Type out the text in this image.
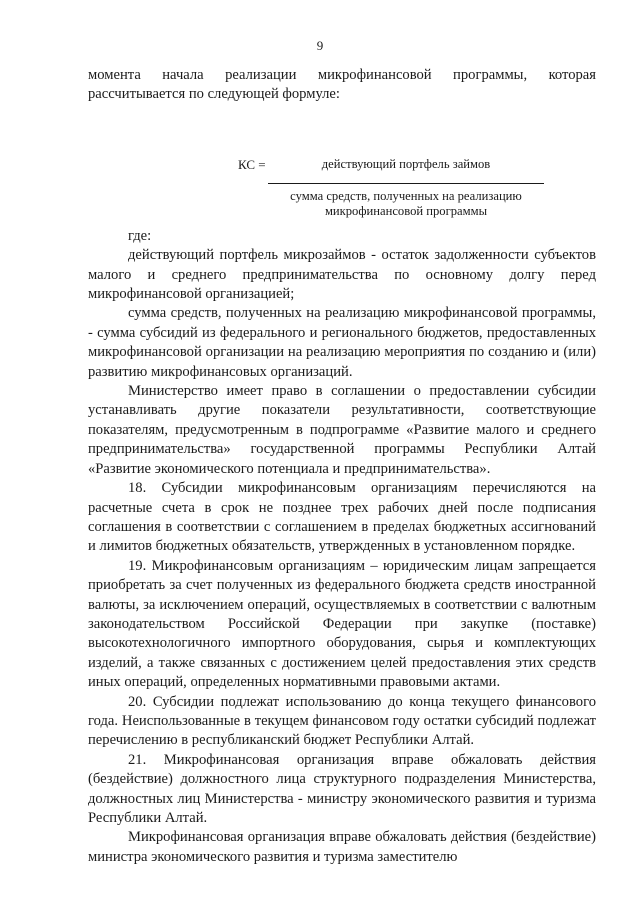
9

момента начала реализации микрофинансовой программы, которая рассчитывается по следующей формуле:

КС =	действующий портфель займов
сумма средств, полученных на реализацию
микрофинансовой программы

где:

действующий портфель микрозаймов - остаток задолженности субъектов малого и среднего предпринимательства по основному долгу перед микрофинансовой организацией;

сумма средств, полученных на реализацию микрофинансовой программы, - сумма субсидий из федерального и регионального бюджетов, предоставленных микрофинансовой организации на реализацию мероприятия по созданию и (или) развитию микрофинансовых организаций.

Министерство имеет право в соглашении о предоставлении субсидии устанавливать другие показатели результативности, соответствующие показателям, предусмотренным в подпрограмме «Развитие малого и среднего предпринимательства» государственной программы Республики Алтай «Развитие экономического потенциала и предпринимательства».

18. Субсидии микрофинансовым организациям перечисляются на расчетные счета в срок не позднее трех рабочих дней после подписания соглашения в соответствии с соглашением в пределах бюджетных ассигнований и лимитов бюджетных обязательств, утвержденных в установленном порядке.

19. Микрофинансовым организациям – юридическим лицам запрещается приобретать за счет полученных из федерального бюджета средств иностранной валюты, за исключением операций, осуществляемых в соответствии с валютным законодательством Российской Федерации при закупке (поставке) высокотехнологичного импортного оборудования, сырья и комплектующих изделий, а также связанных с достижением целей предоставления этих средств иных операций, определенных нормативными правовыми актами.

20. Субсидии подлежат использованию до конца текущего финансового года. Неиспользованные в текущем финансовом году остатки субсидий подлежат перечислению в республиканский бюджет Республики Алтай.

21. Микрофинансовая организация вправе обжаловать действия (бездействие) должностного лица структурного подразделения Министерства, должностных лиц Министерства - министру экономического развития и туризма Республики Алтай.

Микрофинансовая организация вправе обжаловать действия (бездействие) министра экономического развития и туризма заместителю
